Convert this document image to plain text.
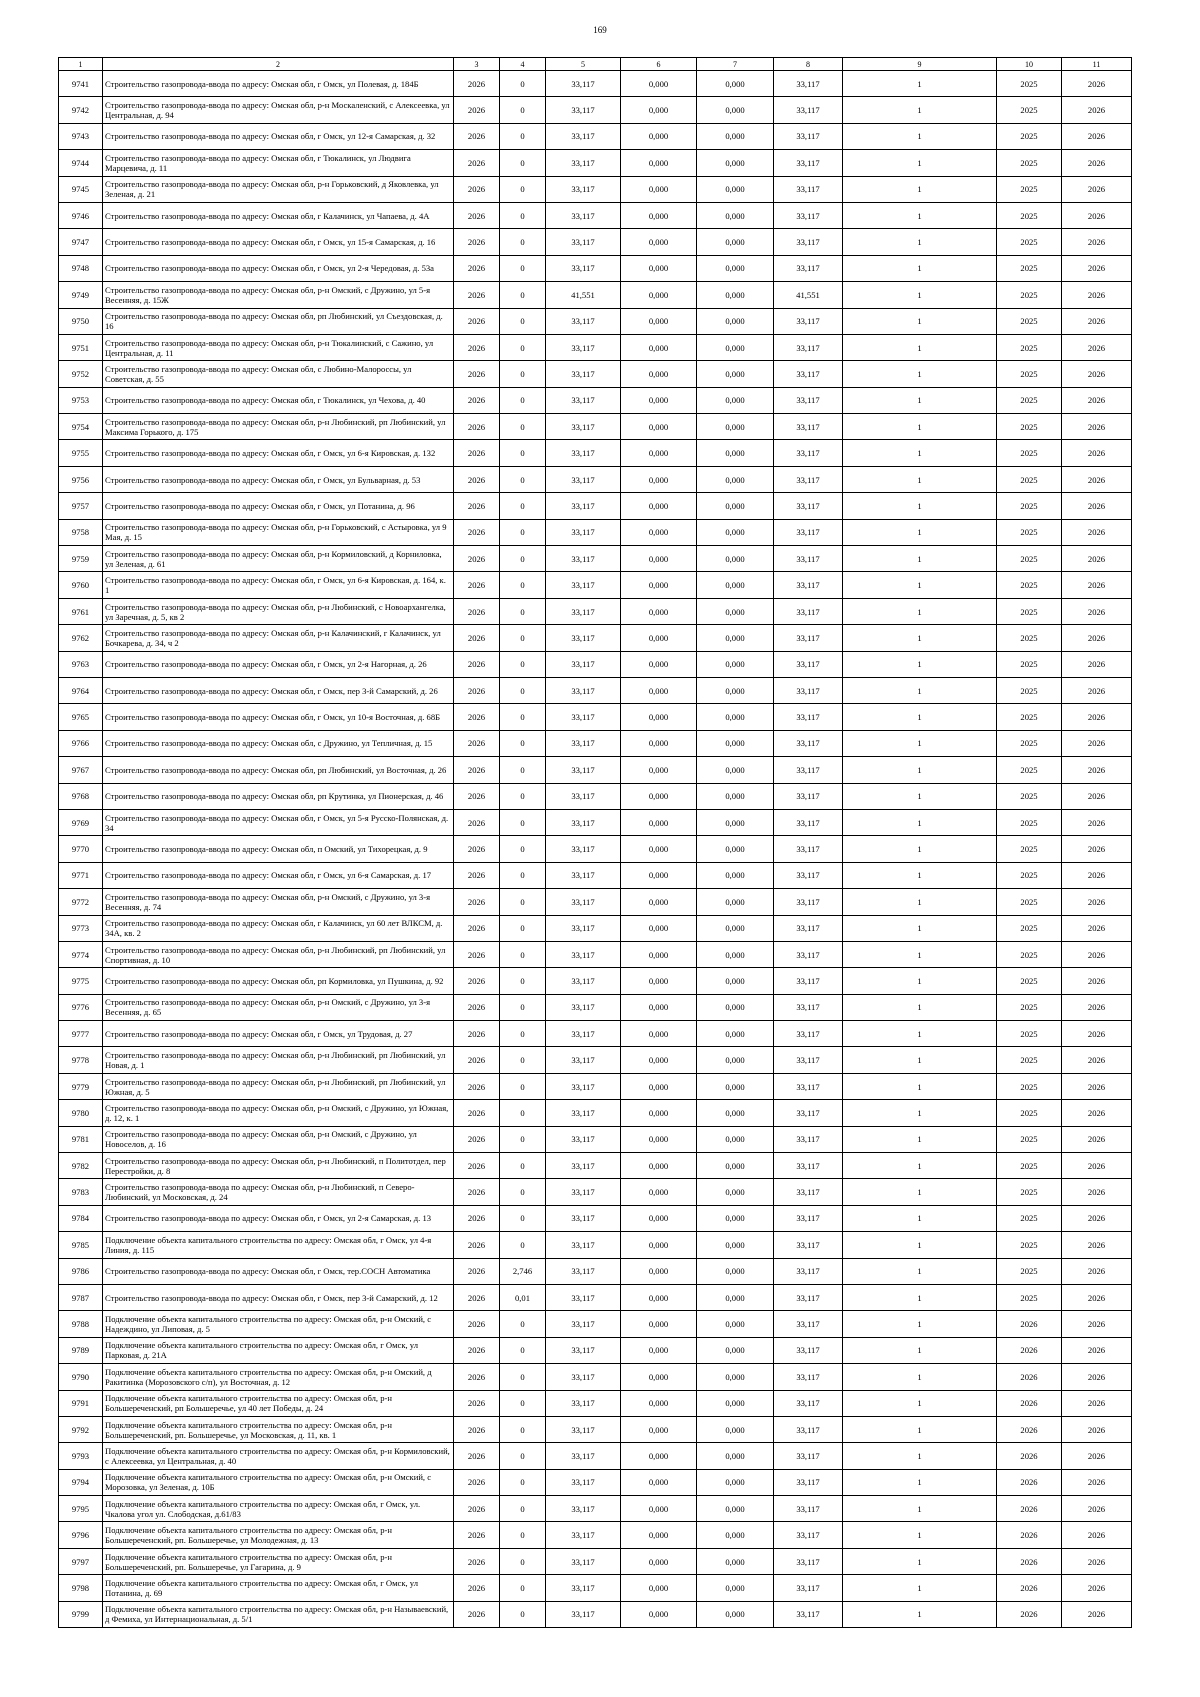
169
1	2	3	4	5	6	7	8	9	10	11
9741	Строительство газопровода-ввода по адресу: Омская обл, г Омск, ул Полевая, д. 184Б	2026	0	33,117	0,000	0,000	33,117	1	2025	2026
9742	Строительство газопровода-ввода по адресу: Омская обл, р-н Москаленский, с Алексеевка, ул Центральная, д. 94	2026	0	33,117	0,000	0,000	33,117	1	2025	2026
9743	Строительство газопровода-ввода по адресу: Омская обл, г Омск, ул 12-я Самарская, д. 32	2026	0	33,117	0,000	0,000	33,117	1	2025	2026
9744	Строительство газопровода-ввода по адресу: Омская обл, г Тюкалинск, ул Людвига Марцевича, д. 11	2026	0	33,117	0,000	0,000	33,117	1	2025	2026
9745	Строительство газопровода-ввода по адресу: Омская обл, р-н Горьковский, д Яковлевка, ул Зеленая, д. 21	2026	0	33,117	0,000	0,000	33,117	1	2025	2026
9746	Строительство газопровода-ввода по адресу: Омская обл, г Калачинск, ул Чапаева, д. 4А	2026	0	33,117	0,000	0,000	33,117	1	2025	2026
9747	Строительство газопровода-ввода по адресу: Омская обл, г Омск, ул 15-я Самарская, д. 16	2026	0	33,117	0,000	0,000	33,117	1	2025	2026
9748	Строительство газопровода-ввода по адресу: Омская обл, г Омск, ул 2-я Чередовая, д. 53а	2026	0	33,117	0,000	0,000	33,117	1	2025	2026
9749	Строительство газопровода-ввода по адресу: Омская обл, р-н Омский, с Дружино, ул 5-я Весенняя, д. 15Ж	2026	0	41,551	0,000	0,000	41,551	1	2025	2026
9750	Строительство газопровода-ввода по адресу: Омская обл, рп Любинский, ул Съездовская, д. 16	2026	0	33,117	0,000	0,000	33,117	1	2025	2026
9751	Строительство газопровода-ввода по адресу: Омская обл, р-н Тюкалинский, с Сажино, ул Центральная, д. 11	2026	0	33,117	0,000	0,000	33,117	1	2025	2026
9752	Строительство газопровода-ввода по адресу: Омская обл, с Любино-Малороссы, ул Советская, д. 55	2026	0	33,117	0,000	0,000	33,117	1	2025	2026
9753	Строительство газопровода-ввода по адресу: Омская обл, г Тюкалинск, ул Чехова, д. 40	2026	0	33,117	0,000	0,000	33,117	1	2025	2026
9754	Строительство газопровода-ввода по адресу: Омская обл, р-н Любинский, рп Любинский, ул Максима Горького, д. 175	2026	0	33,117	0,000	0,000	33,117	1	2025	2026
9755	Строительство газопровода-ввода по адресу: Омская обл, г Омск, ул 6-я Кировская, д. 132	2026	0	33,117	0,000	0,000	33,117	1	2025	2026
9756	Строительство газопровода-ввода по адресу: Омская обл, г Омск, ул Бульварная, д. 53	2026	0	33,117	0,000	0,000	33,117	1	2025	2026
9757	Строительство газопровода-ввода по адресу: Омская обл, г Омск, ул Потанина, д. 96	2026	0	33,117	0,000	0,000	33,117	1	2025	2026
9758	Строительство газопровода-ввода по адресу: Омская обл, р-н Горьковский, с Астыровка, ул 9 Мая, д. 15	2026	0	33,117	0,000	0,000	33,117	1	2025	2026
9759	Строительство газопровода-ввода по адресу: Омская обл, р-н Кормиловский, д Корниловка, ул Зеленая, д. 61	2026	0	33,117	0,000	0,000	33,117	1	2025	2026
9760	Строительство газопровода-ввода по адресу: Омская обл, г Омск, ул 6-я Кировская, д. 164, к. 1	2026	0	33,117	0,000	0,000	33,117	1	2025	2026
9761	Строительство газопровода-ввода по адресу: Омская обл, р-н Любинский, с Новоархангелка, ул Заречная, д. 5, кв 2	2026	0	33,117	0,000	0,000	33,117	1	2025	2026
9762	Строительство газопровода-ввода по адресу: Омская обл, р-н Калачинский, г Калачинск, ул Бочкарева, д. 34, ч 2	2026	0	33,117	0,000	0,000	33,117	1	2025	2026
9763	Строительство газопровода-ввода по адресу: Омская обл, г Омск, ул 2-я Нагорная, д. 26	2026	0	33,117	0,000	0,000	33,117	1	2025	2026
9764	Строительство газопровода-ввода по адресу: Омская обл, г Омск, пер 3-й Самарский, д. 26	2026	0	33,117	0,000	0,000	33,117	1	2025	2026
9765	Строительство газопровода-ввода по адресу: Омская обл, г Омск, ул 10-я Восточная, д. 68Б	2026	0	33,117	0,000	0,000	33,117	1	2025	2026
9766	Строительство газопровода-ввода по адресу: Омская обл, с Дружино, ул Тепличная, д. 15	2026	0	33,117	0,000	0,000	33,117	1	2025	2026
9767	Строительство газопровода-ввода по адресу: Омская обл, рп Любинский, ул Восточная, д. 26	2026	0	33,117	0,000	0,000	33,117	1	2025	2026
9768	Строительство газопровода-ввода по адресу: Омская обл, рп Крутинка, ул Пионерская, д. 46	2026	0	33,117	0,000	0,000	33,117	1	2025	2026
9769	Строительство газопровода-ввода по адресу: Омская обл, г Омск, ул 5-я Русско-Полянская, д. 34	2026	0	33,117	0,000	0,000	33,117	1	2025	2026
9770	Строительство газопровода-ввода по адресу: Омская обл, п Омский, ул Тихорецкая, д. 9	2026	0	33,117	0,000	0,000	33,117	1	2025	2026
9771	Строительство газопровода-ввода по адресу: Омская обл, г Омск, ул 6-я Самарская, д. 17	2026	0	33,117	0,000	0,000	33,117	1	2025	2026
9772	Строительство газопровода-ввода по адресу: Омская обл, р-н Омский, с Дружино, ул 3-я Весенняя, д. 74	2026	0	33,117	0,000	0,000	33,117	1	2025	2026
9773	Строительство газопровода-ввода по адресу: Омская обл, г Калачинск, ул 60 лет ВЛКСМ, д. 34А, кв. 2	2026	0	33,117	0,000	0,000	33,117	1	2025	2026
9774	Строительство газопровода-ввода по адресу: Омская обл, р-н Любинский, рп Любинский, ул Спортивная, д. 10	2026	0	33,117	0,000	0,000	33,117	1	2025	2026
9775	Строительство газопровода-ввода по адресу: Омская обл, рп Кормиловка, ул Пушкина, д. 92	2026	0	33,117	0,000	0,000	33,117	1	2025	2026
9776	Строительство газопровода-ввода по адресу: Омская обл, р-н Омский, с Дружино, ул 3-я Весенняя, д. 65	2026	0	33,117	0,000	0,000	33,117	1	2025	2026
9777	Строительство газопровода-ввода по адресу: Омская обл, г Омск, ул Трудовая, д. 27	2026	0	33,117	0,000	0,000	33,117	1	2025	2026
9778	Строительство газопровода-ввода по адресу: Омская обл, р-н Любинский, рп Любинский, ул Новая, д. 1	2026	0	33,117	0,000	0,000	33,117	1	2025	2026
9779	Строительство газопровода-ввода по адресу: Омская обл, р-н Любинский, рп Любинский, ул Южная, д. 5	2026	0	33,117	0,000	0,000	33,117	1	2025	2026
9780	Строительство газопровода-ввода по адресу: Омская обл, р-н Омский, с Дружино, ул Южная, д. 12, к. 1	2026	0	33,117	0,000	0,000	33,117	1	2025	2026
9781	Строительство газопровода-ввода по адресу: Омская обл, р-н Омский, с Дружино, ул Новоселов, д. 16	2026	0	33,117	0,000	0,000	33,117	1	2025	2026
9782	Строительство газопровода-ввода по адресу: Омская обл, р-н Любинский, п Политотдел, пер Перестройки, д. 8	2026	0	33,117	0,000	0,000	33,117	1	2025	2026
9783	Строительство газопровода-ввода по адресу: Омская обл, р-н Любинский, п Северо-Любинский, ул Московская, д. 24	2026	0	33,117	0,000	0,000	33,117	1	2025	2026
9784	Строительство газопровода-ввода по адресу: Омская обл, г Омск, ул 2-я Самарская, д. 13	2026	0	33,117	0,000	0,000	33,117	1	2025	2026
9785	Подключение объекта капитального строительства по адресу: Омская обл, г Омск, ул 4-я Линия, д. 115	2026	0	33,117	0,000	0,000	33,117	1	2025	2026
9786	Строительство газопровода-ввода по адресу: Омская обл, г Омск, тер.СОСН Автоматика	2026	2,746	33,117	0,000	0,000	33,117	1	2025	2026
9787	Строительство газопровода-ввода по адресу: Омская обл, г Омск, пер 3-й Самарский, д. 12	2026	0,01	33,117	0,000	0,000	33,117	1	2025	2026
9788	Подключение объекта капитального строительства по адресу: Омская обл, р-н Омский, с Надеждино, ул Липовая, д. 5	2026	0	33,117	0,000	0,000	33,117	1	2026	2026
9789	Подключение объекта капитального строительства по адресу: Омская обл, г Омск, ул Парковая, д. 21А	2026	0	33,117	0,000	0,000	33,117	1	2026	2026
9790	Подключение объекта капитального строительства по адресу: Омская обл, р-н Омский, д Ракитинка (Морозовского с/п), ул Восточная, д. 12	2026	0	33,117	0,000	0,000	33,117	1	2026	2026
9791	Подключение объекта капитального строительства по адресу: Омская обл, р-н Большереченский, рп Большеречье, ул 40 лет Победы, д. 24	2026	0	33,117	0,000	0,000	33,117	1	2026	2026
9792	Подключение объекта капитального строительства по адресу: Омская обл, р-н Большереченский, рп. Большеречье, ул Московская, д. 11, кв. 1	2026	0	33,117	0,000	0,000	33,117	1	2026	2026
9793	Подключение объекта капитального строительства по адресу: Омская обл, р-н Кормиловский, с Алексеевка, ул Центральная, д. 40	2026	0	33,117	0,000	0,000	33,117	1	2026	2026
9794	Подключение объекта капитального строительства по адресу: Омская обл, р-н Омский, с Морозовка, ул Зеленая, д. 10Б	2026	0	33,117	0,000	0,000	33,117	1	2026	2026
9795	Подключение объекта капитального строительства по адресу: Омская обл, г Омск, ул. Чкалова угол ул. Слободская, д.61/83	2026	0	33,117	0,000	0,000	33,117	1	2026	2026
9796	Подключение объекта капитального строительства по адресу: Омская обл, р-н Большереченский, рп. Большеречье, ул Молодежная, д. 13	2026	0	33,117	0,000	0,000	33,117	1	2026	2026
9797	Подключение объекта капитального строительства по адресу: Омская обл, р-н Большереченский, рп. Большеречье, ул Гагарина, д. 9	2026	0	33,117	0,000	0,000	33,117	1	2026	2026
9798	Подключение объекта капитального строительства по адресу: Омская обл, г Омск, ул Потанина, д. 69	2026	0	33,117	0,000	0,000	33,117	1	2026	2026
9799	Подключение объекта капитального строительства по адресу: Омская обл, р-н Называевский, д Фемиха, ул Интернациональная, д. 5/1	2026	0	33,117	0,000	0,000	33,117	1	2026	2026
